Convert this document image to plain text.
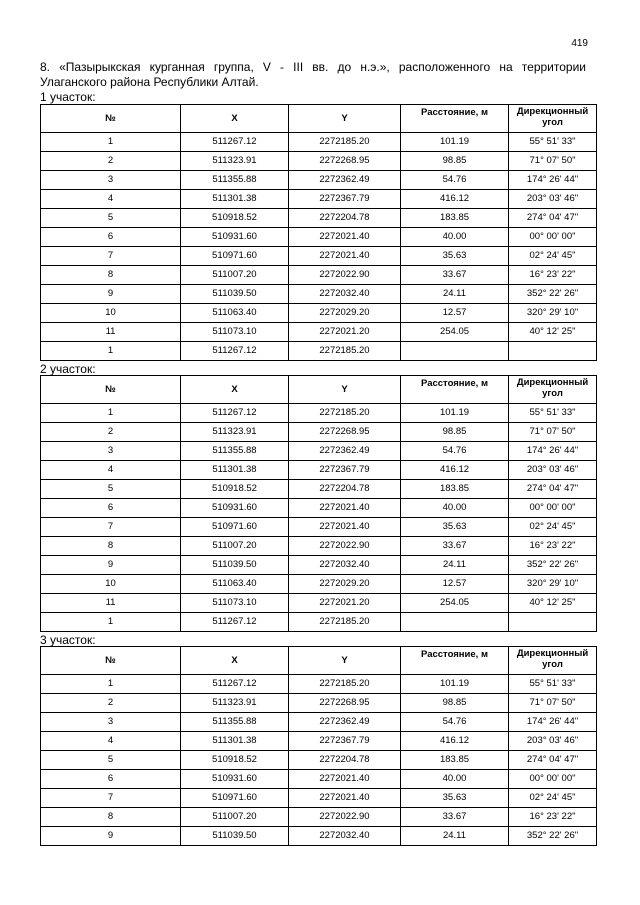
419
8. «Пазырыкская курганная группа, V - III вв. до н.э.», расположенного на территории
Улаганского района Республики Алтай.
1 участок:
№	X	Y	Расстояние, м	Дирекционный угол
1	511267.12	2272185.20	101.19	55° 51' 33"
2	511323.91	2272268.95	98.85	71° 07' 50"
3	511355.88	2272362.49	54.76	174° 26' 44"
4	511301.38	2272367.79	416.12	203° 03' 46"
5	510918.52	2272204.78	183.85	274° 04' 47"
6	510931.60	2272021.40	40.00	00° 00' 00"
7	510971.60	2272021.40	35.63	02° 24' 45"
8	511007.20	2272022.90	33.67	16° 23' 22"
9	511039.50	2272032.40	24.11	352° 22' 26"
10	511063.40	2272029.20	12.57	320° 29' 10"
11	511073.10	2272021.20	254.05	40° 12' 25"
1	511267.12	2272185.20		
2 участок:
№	X	Y	Расстояние, м	Дирекционный угол
1	511267.12	2272185.20	101.19	55° 51' 33"
2	511323.91	2272268.95	98.85	71° 07' 50"
3	511355.88	2272362.49	54.76	174° 26' 44"
4	511301.38	2272367.79	416.12	203° 03' 46"
5	510918.52	2272204.78	183.85	274° 04' 47"
6	510931.60	2272021.40	40.00	00° 00' 00"
7	510971.60	2272021.40	35.63	02° 24' 45"
8	511007.20	2272022.90	33.67	16° 23' 22"
9	511039.50	2272032.40	24.11	352° 22' 26"
10	511063.40	2272029.20	12.57	320° 29' 10"
11	511073.10	2272021.20	254.05	40° 12' 25"
1	511267.12	2272185.20		
3 участок:
№	X	Y	Расстояние, м	Дирекционный угол
1	511267.12	2272185.20	101.19	55° 51' 33"
2	511323.91	2272268.95	98.85	71° 07' 50"
3	511355.88	2272362.49	54.76	174° 26' 44"
4	511301.38	2272367.79	416.12	203° 03' 46"
5	510918.52	2272204.78	183.85	274° 04' 47"
6	510931.60	2272021.40	40.00	00° 00' 00"
7	510971.60	2272021.40	35.63	02° 24' 45"
8	511007.20	2272022.90	33.67	16° 23' 22"
9	511039.50	2272032.40	24.11	352° 22' 26"
